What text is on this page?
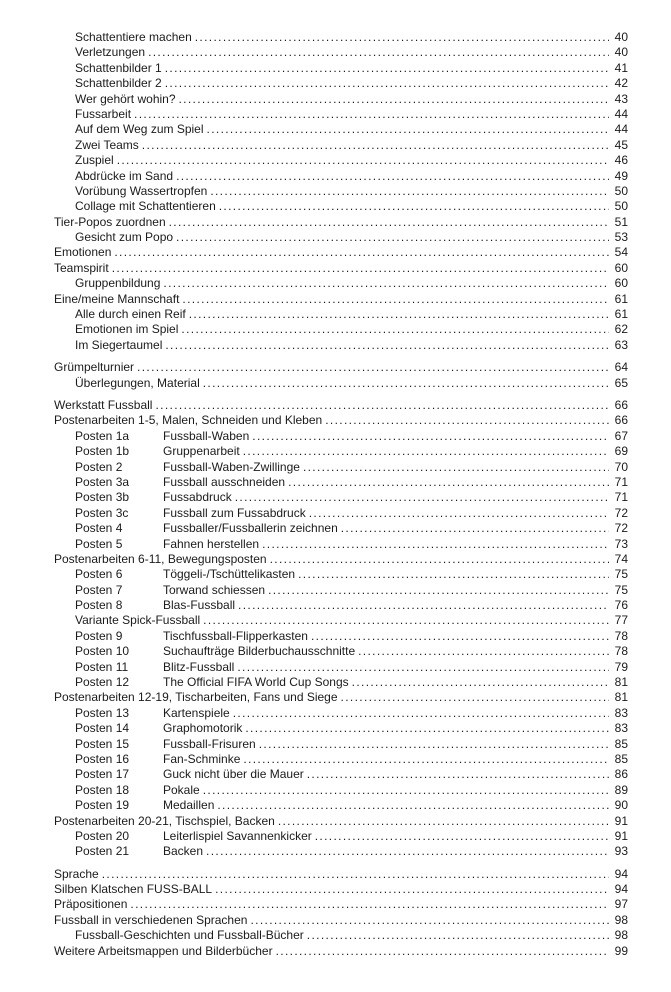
Schattentiere machen .....	40
Verletzungen .....	40
Schattenbilder 1 .....	41
Schattenbilder 2 .....	42
Wer gehört wohin? .....	43
Fussarbeit .....	44
Auf dem Weg zum Spiel .....	44
Zwei Teams .....	45
Zuspiel .....	46
Abdrücke im Sand .....	49
Vorübung Wassertropfen .....	50
Collage mit Schattentieren .....	50
Tier-Popos zuordnen .....	51
Gesicht zum Popo .....	53
Emotionen .....	54
Teamspirit .....	60
Gruppenbildung .....	60
Eine/meine Mannschaft .....	61
Alle durch einen Reif .....	61
Emotionen im Spiel .....	62
Im Siegertaumel .....	63
Grümpelturnier .....	64
Überlegungen, Material .....	65
Werkstatt Fussball .....	66
Postenarbeiten 1-5, Malen, Schneiden und Kleben .....	66
Posten 1a	Fussball-Waben .....	67
Posten 1b	Gruppenarbeit .....	69
Posten 2	Fussball-Waben-Zwillinge .....	70
Posten 3a	Fussball ausschneiden .....	71
Posten 3b	Fussabdruck .....	71
Posten 3c	Fussball zum Fussabdruck .....	72
Posten 4	Fussballer/Fussballerin zeichnen .....	72
Posten 5	Fahnen herstellen .....	73
Postenarbeiten 6-11, Bewegungsposten .....	74
Posten 6	Töggeli-/Tschüttelikasten .....	75
Posten 7	Torwand schiessen .....	75
Posten 8	Blas-Fussball .....	76
Variante Spick-Fussball .....	77
Posten 9	Tischfussball-Flipperkasten .....	78
Posten 10	Suchaufträge Bilderbuchausschnitte .....	78
Posten 11	Blitz-Fussball .....	79
Posten 12	The Official FIFA World Cup Songs .....	81
Postenarbeiten 12-19, Tischarbeiten, Fans und Siege .....	81
Posten 13	Kartenspiele .....	83
Posten 14	Graphomotorik .....	83
Posten 15	Fussball-Frisuren .....	85
Posten 16	Fan-Schminke .....	85
Posten 17	Guck nicht über die Mauer .....	86
Posten 18	Pokale .....	89
Posten 19	Medaillen .....	90
Postenarbeiten 20-21, Tischspiel, Backen .....	91
Posten 20	Leiterlispiel Savannenkicker .....	91
Posten 21	Backen .....	93
Sprache .....	94
Silben Klatschen FUSS-BALL .....	94
Präpositionen .....	97
Fussball in verschiedenen Sprachen .....	98
Fussball-Geschichten und Fussball-Bücher .....	98
Weitere Arbeitsmappen und Bilderbücher .....	99
